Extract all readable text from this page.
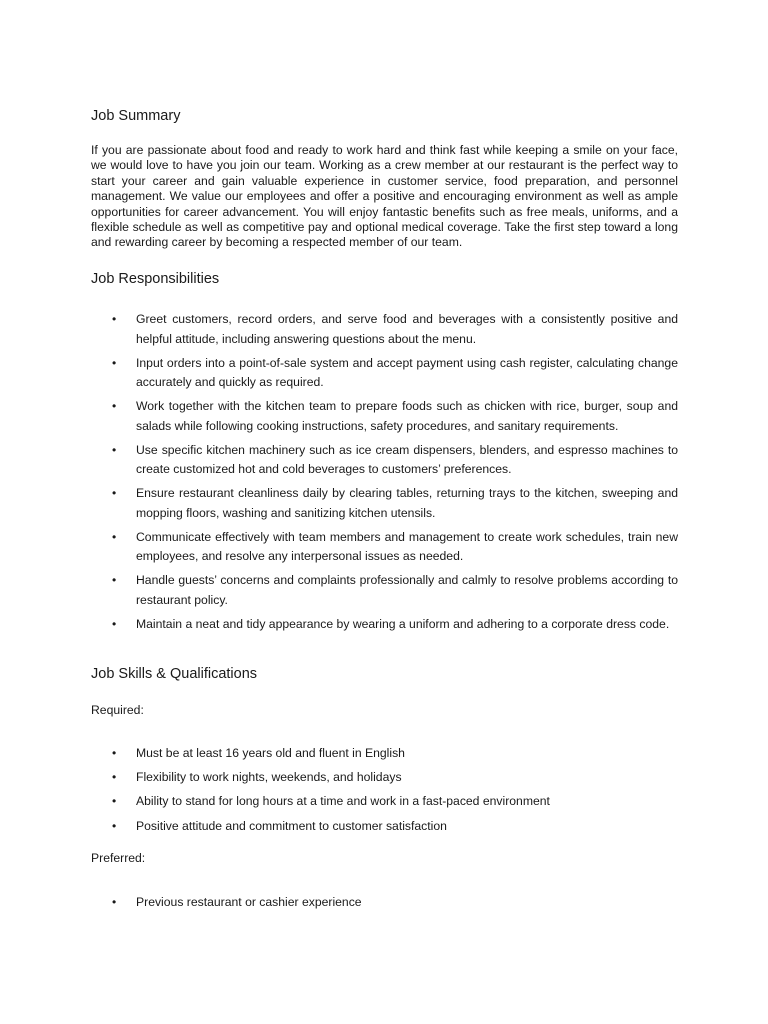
Job Summary

If you are passionate about food and ready to work hard and think fast while keeping a smile on your face, we would love to have you join our team. Working as a crew member at our restaurant is the perfect way to start your career and gain valuable experience in customer service, food preparation, and personnel management. We value our employees and offer a positive and encouraging environment as well as ample opportunities for career advancement. You will enjoy fantastic benefits such as free meals, uniforms, and a flexible schedule as well as competitive pay and optional medical coverage. Take the first step toward a long and rewarding career by becoming a respected member of our team.

Job Responsibilities
• Greet customers, record orders, and serve food and beverages with a consistently positive and helpful attitude, including answering questions about the menu.
• Input orders into a point-of-sale system and accept payment using cash register, calculating change accurately and quickly as required.
• Work together with the kitchen team to prepare foods such as chicken with rice, burger, soup and salads while following cooking instructions, safety procedures, and sanitary requirements.
• Use specific kitchen machinery such as ice cream dispensers, blenders, and espresso machines to create customized hot and cold beverages to customers’ preferences.
• Ensure restaurant cleanliness daily by clearing tables, returning trays to the kitchen, sweeping and mopping floors, washing and sanitizing kitchen utensils.
• Communicate effectively with team members and management to create work schedules, train new employees, and resolve any interpersonal issues as needed.
• Handle guests’ concerns and complaints professionally and calmly to resolve problems according to restaurant policy.
• Maintain a neat and tidy appearance by wearing a uniform and adhering to a corporate dress code.
Job Skills & Qualifications

Required:

• Must be at least 16 years old and fluent in English
• Flexibility to work nights, weekends, and holidays
• Ability to stand for long hours at a time and work in a fast-paced environment
• Positive attitude and commitment to customer satisfaction

Preferred:

• Previous restaurant or cashier experience
